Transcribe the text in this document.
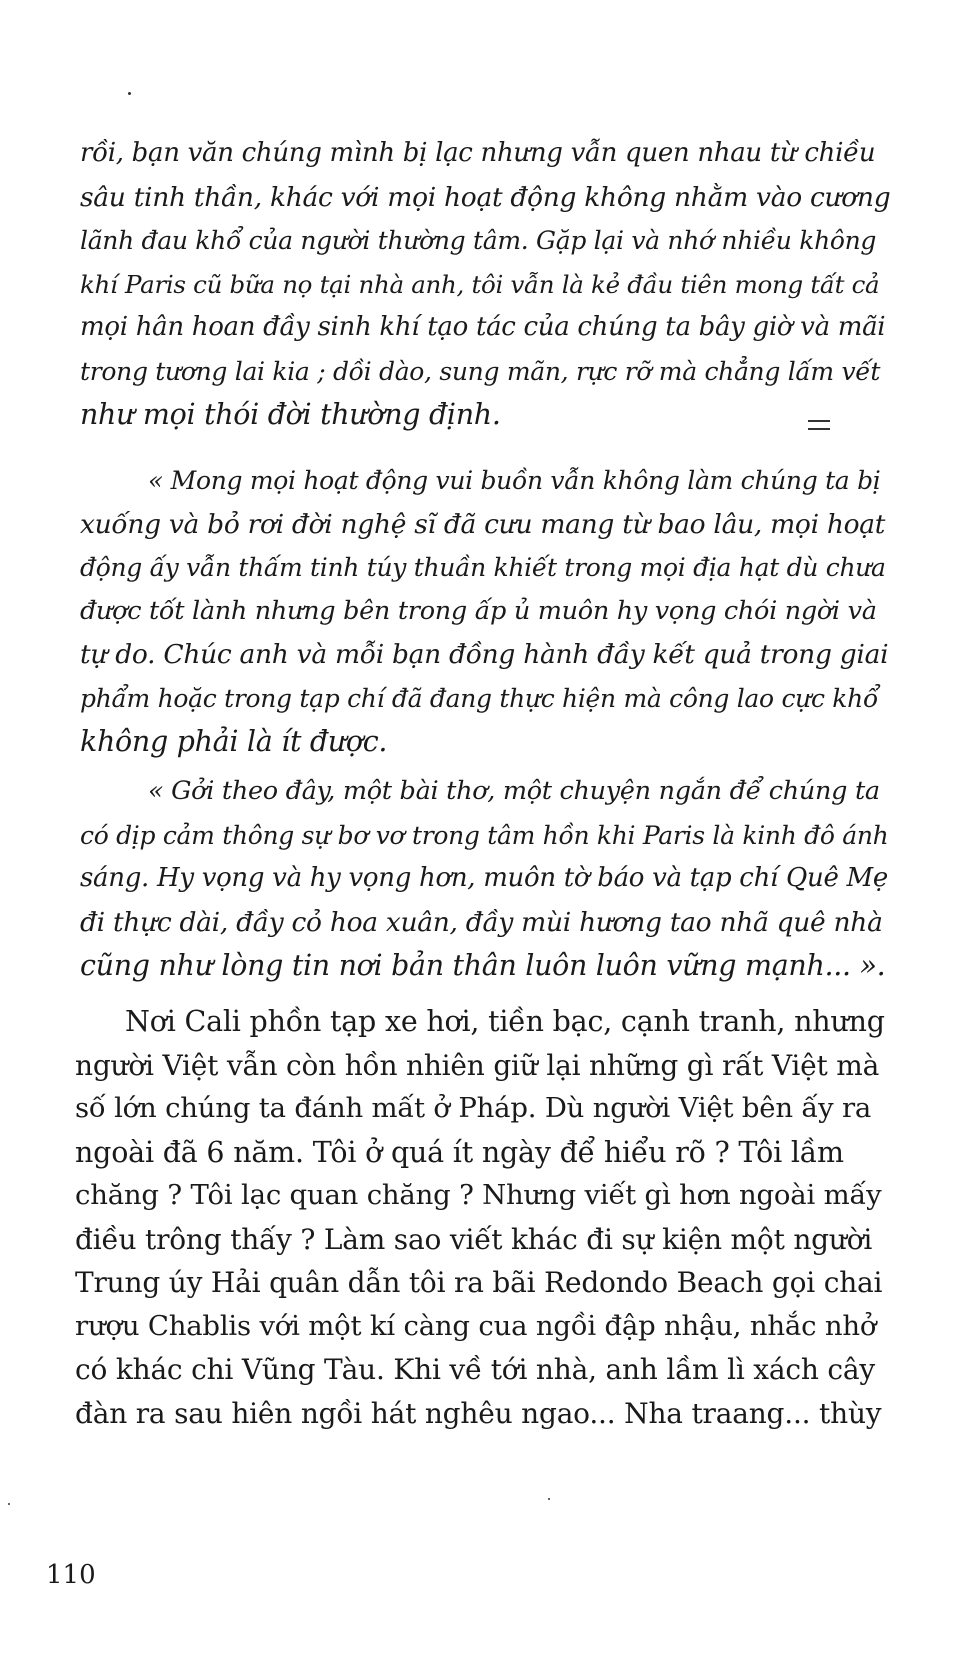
rồi, bạn văn chúng mình bị lạc nhưng vẫn quen nhau từ chiều
sâu tinh thần, khác với mọi hoạt động không nhằm vào cương
lãnh đau khổ của người thường tâm. Gặp lại và nhớ nhiều không
khí Paris cũ bữa nọ tại nhà anh, tôi vẫn là kẻ đầu tiên mong tất cả
mọi hân hoan đầy sinh khí tạo tác của chúng ta bây giờ và mãi
trong tương lai kia ; dồi dào, sung mãn, rực rỡ mà chẳng lấm vết
như mọi thói đời thường định.
« Mong mọi hoạt động vui buồn vẫn không làm chúng ta bị
xuống và bỏ rơi đời nghệ sĩ đã cưu mang từ bao lâu, mọi hoạt
động ấy vẫn thấm tinh túy thuần khiết trong mọi địa hạt dù chưa
được tốt lành nhưng bên trong ấp ủ muôn hy vọng chói ngời và
tự do. Chúc anh và mỗi bạn đồng hành đầy kết quả trong giai
phẩm hoặc trong tạp chí đã đang thực hiện mà công lao cực khổ
không phải là ít được.
« Gởi theo đây, một bài thơ, một chuyện ngắn để chúng ta
có dịp cảm thông sự bơ vơ trong tâm hồn khi Paris là kinh đô ánh
sáng. Hy vọng và hy vọng hơn, muôn tờ báo và tạp chí Quê Mẹ
đi thực dài, đầy cỏ hoa xuân, đầy mùi hương tao nhã quê nhà
cũng như lòng tin nơi bản thân luôn luôn vững mạnh... ».
Nơi Cali phồn tạp xe hơi, tiền bạc, cạnh tranh, nhưng
người Việt vẫn còn hồn nhiên giữ lại những gì rất Việt mà
số lớn chúng ta đánh mất ở Pháp. Dù người Việt bên ấy ra
ngoài đã 6 năm. Tôi ở quá ít ngày để hiểu rõ ? Tôi lầm
chăng ? Tôi lạc quan chăng ? Nhưng viết gì hơn ngoài mấy
điều trông thấy ? Làm sao viết khác đi sự kiện một người
Trung úy Hải quân dẫn tôi ra bãi Redondo Beach gọi chai
rượu Chablis với một kí càng cua ngồi đập nhậu, nhắc nhở
có khác chi Vũng Tàu. Khi về tới nhà, anh lầm lì xách cây
đàn ra sau hiên ngồi hát nghêu ngao... Nha traang... thùy
110
